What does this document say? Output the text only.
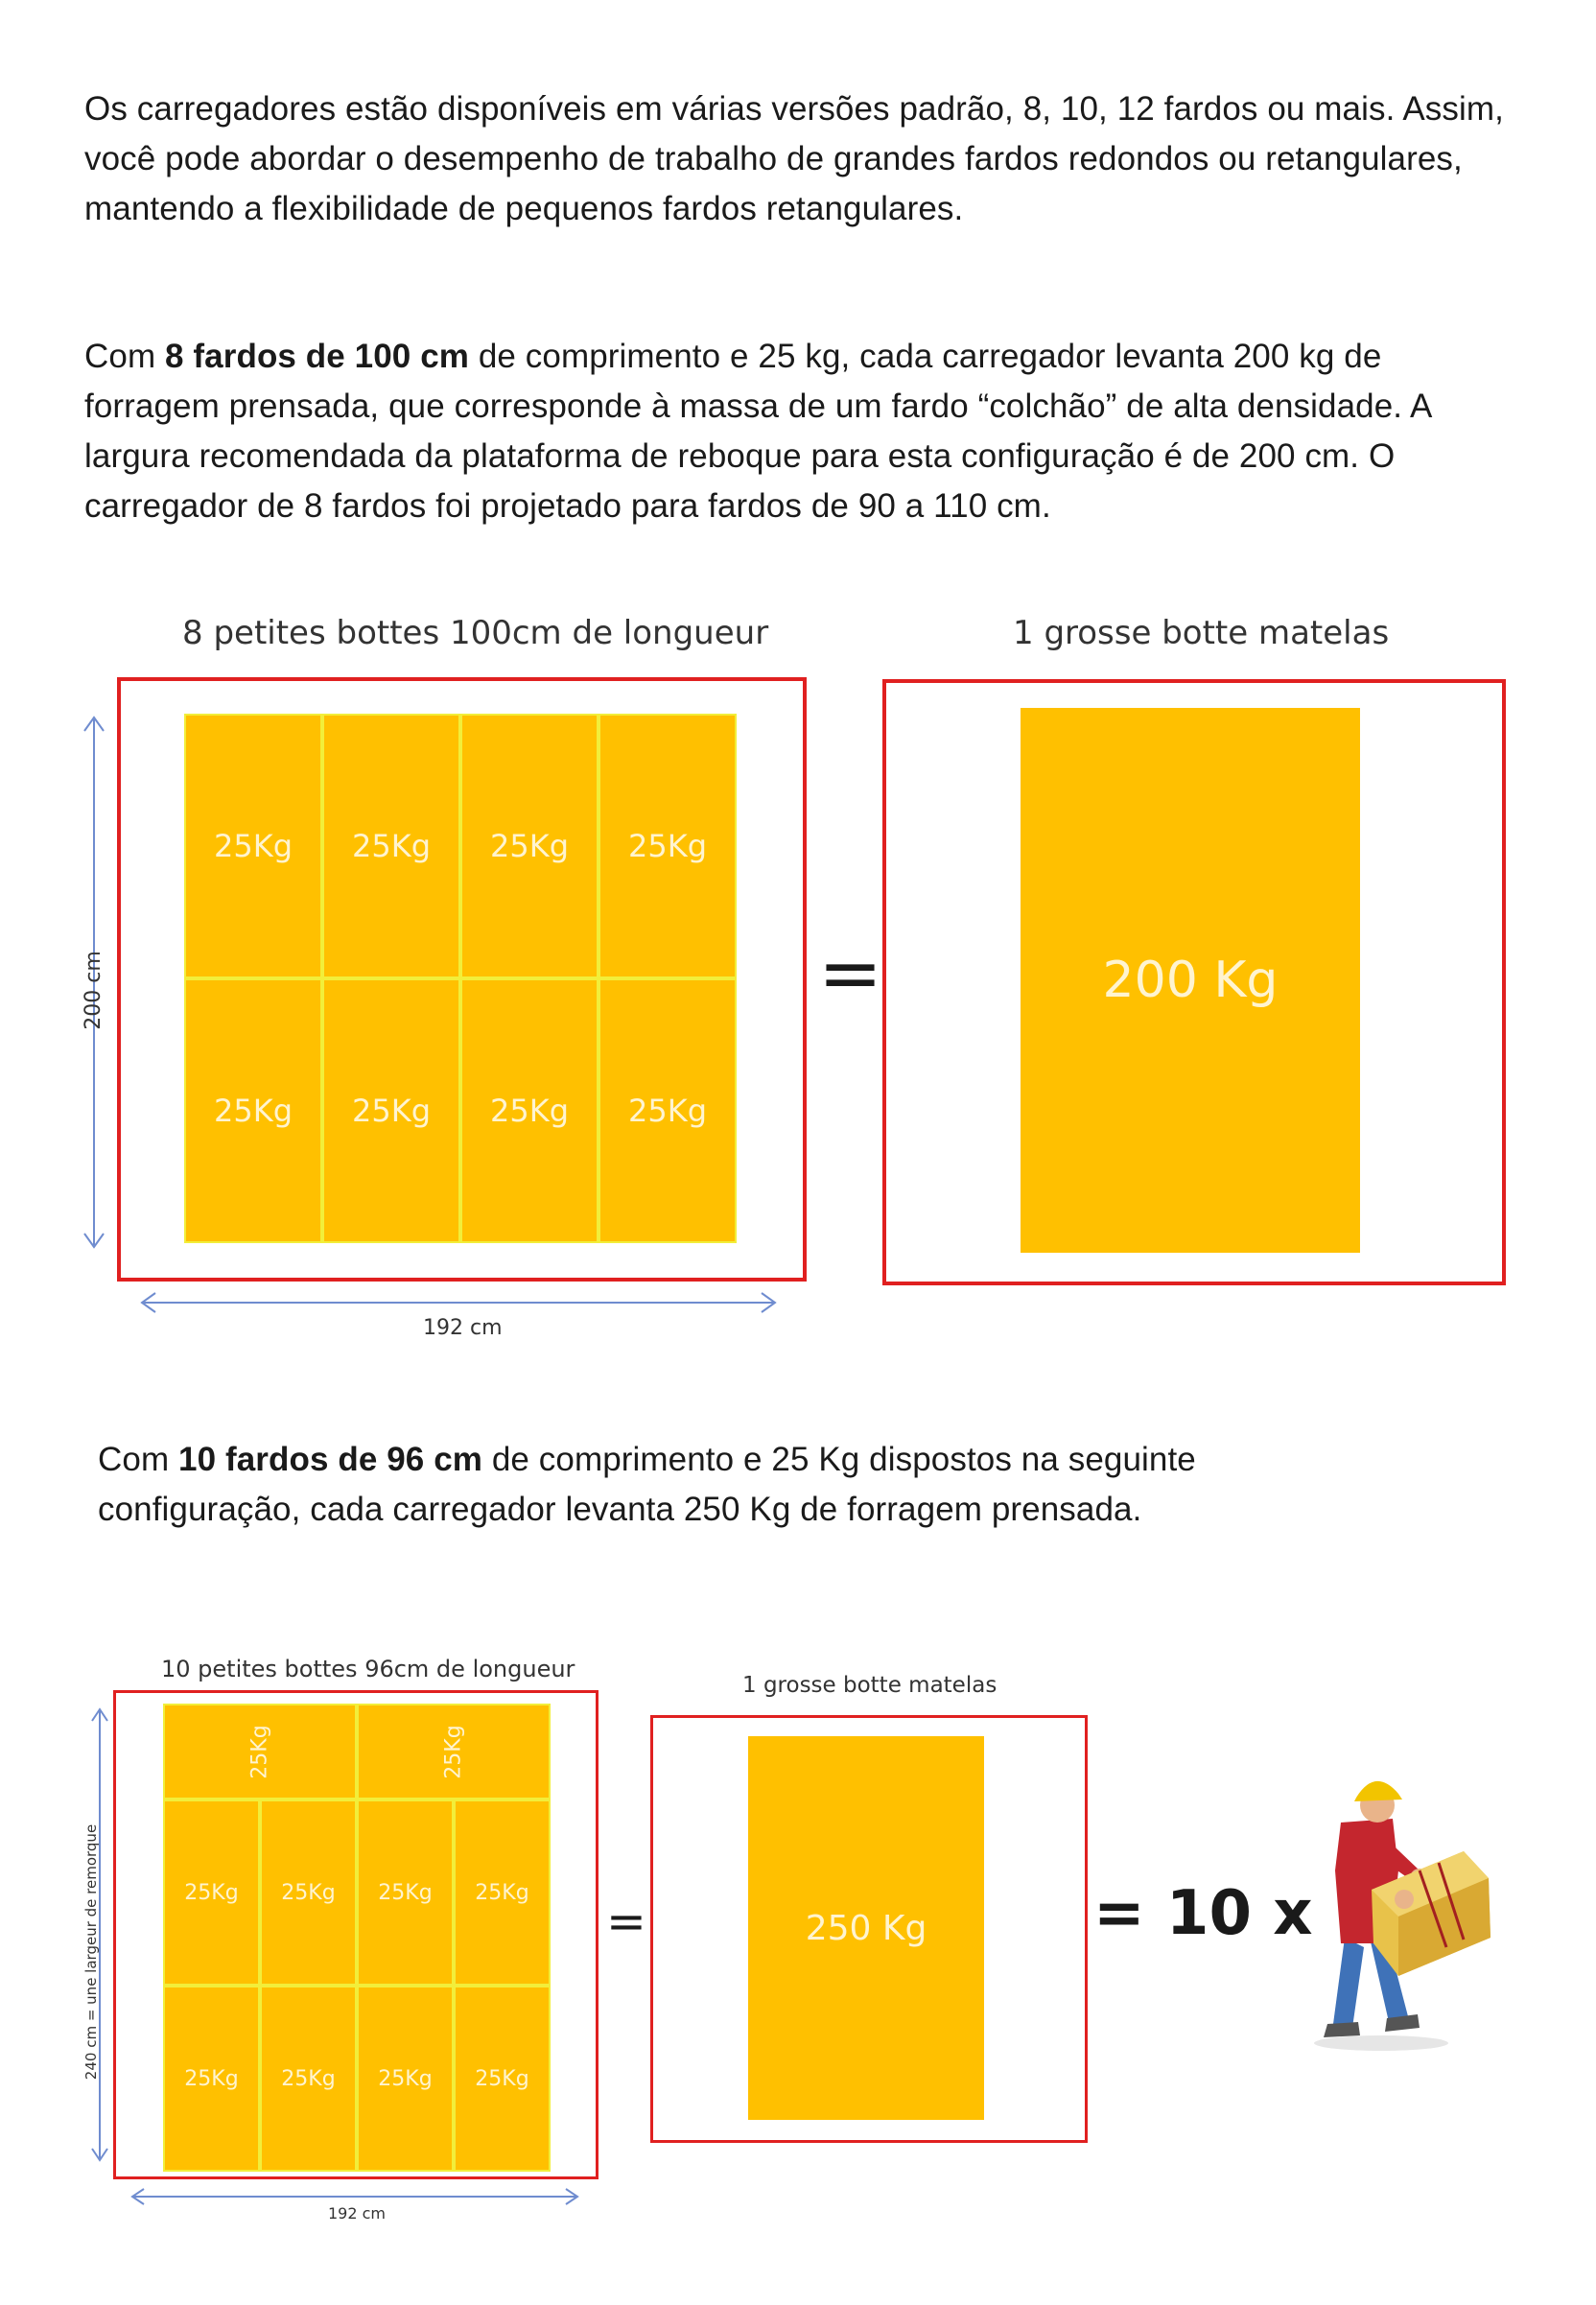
Os carregadores estão disponíveis em várias versões padrão, 8, 10, 12 fardos ou mais. Assim, você pode abordar o desempenho de trabalho de grandes fardos redondos ou retangulares, mantendo a flexibilidade de pequenos fardos retangulares.

Com 8 fardos de 100 cm de comprimento e 25 kg, cada carregador levanta 200 kg de forragem prensada, que corresponde à massa de um fardo “colchão” de alta densidade. A largura recomendada da plataforma de reboque para esta configuração é de 200 cm. O carregador de 8 fardos foi projetado para fardos de 90 a 110 cm.

8 petites bottes 100cm de longueur	1 grosse botte matelas
25Kg	25Kg	25Kg	25Kg
25Kg	25Kg	25Kg	25Kg
=	200 Kg
200 cm
192 cm

Com 10 fardos de 96 cm de comprimento e 25 Kg dispostos na seguinte configuração, cada carregador levanta 250 Kg de forragem prensada.

10 petites bottes 96cm de longueur
1 grosse botte matelas
25Kg	25Kg
25Kg	25Kg	25Kg	25Kg
25Kg	25Kg	25Kg	25Kg
=	250 Kg	= 10 x
240 cm = une largeur de remorque
192 cm
